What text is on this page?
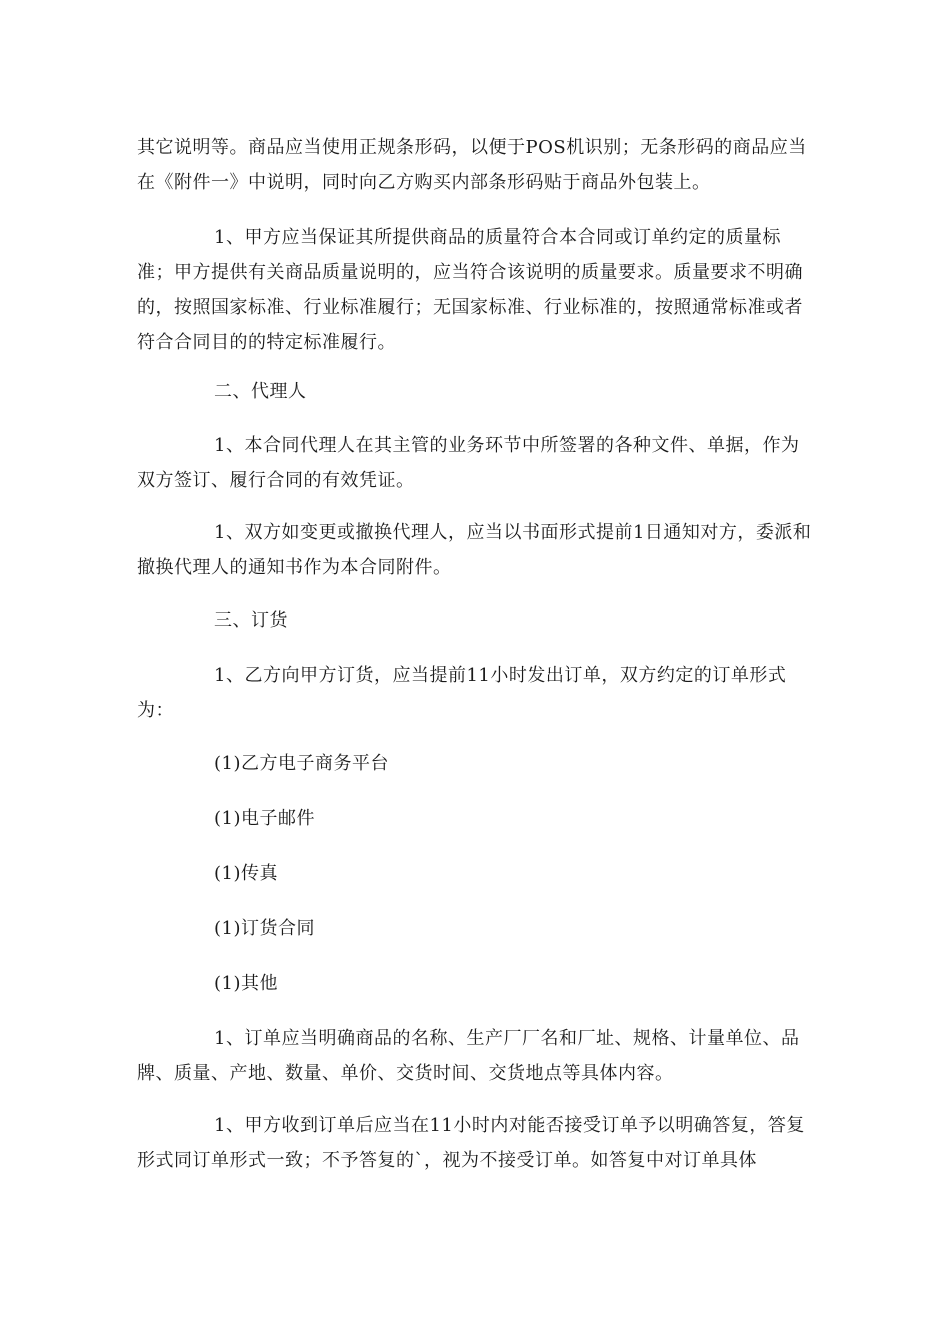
其它说明等。商品应当使用正规条形码，以便于POS机识别；无条形码的商品应当在《附件一》中说明，同时向乙方购买内部条形码贴于商品外包装上。

1、甲方应当保证其所提供商品的质量符合本合同或订单约定的质量标准；甲方提供有关商品质量说明的，应当符合该说明的质量要求。质量要求不明确的，按照国家标准、行业标准履行；无国家标准、行业标准的，按照通常标准或者符合合同目的的特定标准履行。

二、代理人

1、本合同代理人在其主管的业务环节中所签署的各种文件、单据，作为双方签订、履行合同的有效凭证。

1、双方如变更或撤换代理人，应当以书面形式提前1日通知对方，委派和撤换代理人的通知书作为本合同附件。

三、订货

1、乙方向甲方订货，应当提前11小时发出订单，双方约定的订单形式为：

(1)乙方电子商务平台

(1)电子邮件

(1)传真

(1)订货合同

(1)其他

1、订单应当明确商品的名称、生产厂厂名和厂址、规格、计量单位、品牌、质量、产地、数量、单价、交货时间、交货地点等具体内容。

1、甲方收到订单后应当在11小时内对能否接受订单予以明确答复，答复形式同订单形式一致；不予答复的`，视为不接受订单。如答复中对订单具体
